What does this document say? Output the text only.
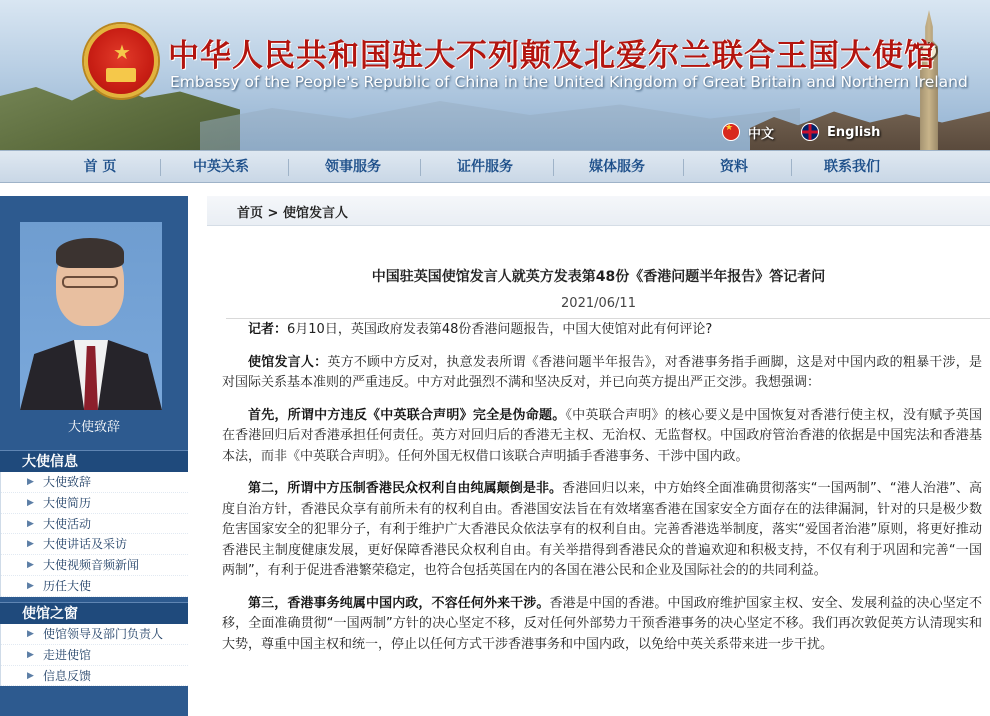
★ 中华人民共和国驻大不列颠及北爱尔兰联合王国大使馆
Embassy of the People's Republic of China in the United Kingdom of Great Britain and Northern Ireland
★
中文	English
首 页	中英关系	领事服务	证件服务	媒体服务	资料	联系我们
大使致辞
大使信息
▶ 大使致辞
▶ 大使简历
▶ 大使活动
▶ 大使讲话及采访
▶ 大使视频音频新闻
▶ 历任大使
使馆之窗
▶ 使馆领导及部门负责人
▶ 走进使馆
▶ 信息反馈
首页 > 使馆发言人
中国驻英国使馆发言人就英方发表第48份《香港问题半年报告》答记者问
2021/06/11

记者：6月10日，英国政府发表第48份香港问题报告，中国大使馆对此有何评论?

使馆发言人：英方不顾中方反对，执意发表所谓《香港问题半年报告》，对香港事务指手画脚，这是对中国内政的粗暴干涉，是对国际关系基本准则的严重违反。中方对此强烈不满和坚决反对，并已向英方提出严正交涉。我想强调：

首先，所谓中方违反《中英联合声明》完全是伪命题。《中英联合声明》的核心要义是中国恢复对香港行使主权，没有赋予英国在香港回归后对香港承担任何责任。英方对回归后的香港无主权、无治权、无监督权。中国政府管治香港的依据是中国宪法和香港基本法，而非《中英联合声明》。任何外国无权借口该联合声明插手香港事务、干涉中国内政。

第二，所谓中方压制香港民众权利自由纯属颠倒是非。香港回归以来，中方始终全面准确贯彻落实“一国两制”、“港人治港”、高度自治方针，香港民众享有前所未有的权利自由。香港国安法旨在有效堵塞香港在国家安全方面存在的法律漏洞，针对的只是极少数危害国家安全的犯罪分子，有利于维护广大香港民众依法享有的权利自由。完善香港选举制度，落实“爱国者治港”原则，将更好推动香港民主制度健康发展，更好保障香港民众权利自由。有关举措得到香港民众的普遍欢迎和积极支持，不仅有利于巩固和完善“一国两制”，有利于促进香港繁荣稳定，也符合包括英国在内的各国在港公民和企业及国际社会的的共同利益。

第三，香港事务纯属中国内政，不容任何外来干涉。香港是中国的香港。中国政府维护国家主权、安全、发展利益的决心坚定不移，全面准确贯彻“一国两制”方针的决心坚定不移，反对任何外部势力干预香港事务的决心坚定不移。我们再次敦促英方认清现实和大势，尊重中国主权和统一，停止以任何方式干涉香港事务和中国内政，以免给中英关系带来进一步干扰。
